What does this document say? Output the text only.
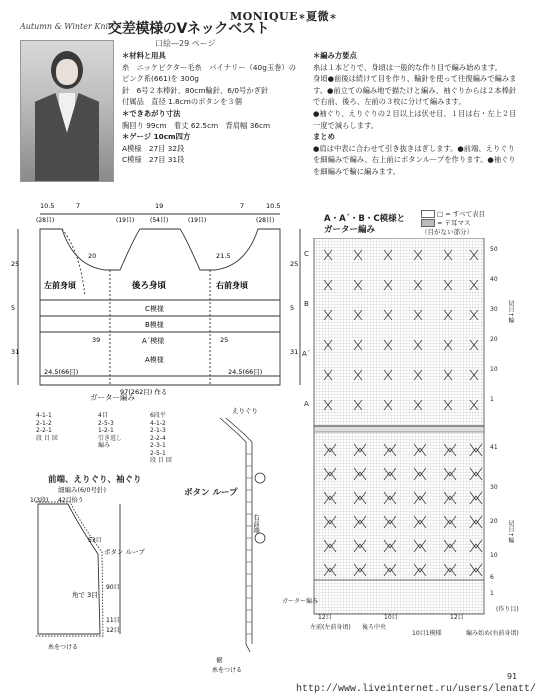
MONIQUE∗夏微∗
Autumn & Winter Knit ···
交差模様のVネックベスト
口絵―29 ページ
＊材料と用具
糸　ニッケビクター毛糸　パイナリー（40g玉巻）のピンク系(661)を 300g
針　6号２本棒針、80cm輪針、6/0号かぎ針
付属品　直径 1.8cmのボタンを３個
＊できあがり寸法
胸回り 99cm　着丈 62.5cm　背肩幅 36cm
＊ゲージ 10cm四方
A模様　27目 32段
C模様　27目 31段
＊編み方要点
糸は１本どりで、身頃は一般的な作り目で編み始めます。
身頃●前後は続けて目を作り、輪針を使って往復編みで編みます。●前立ての編み地で描たけと編み、袖ぐりからは２本棒針で右前、後ろ、左前の３枚に分けて編みます。
●袖ぐり、えりぐりの２目以上は伏せ目、１目は右・左上２目一度で減らします。
まとめ
●肩は中表に合わせて引き抜きはぎします。●前端、えりぐりを細編みで編み、右上前にボタンループを作ります。●袖ぐりを細編みで輪に編みます。
10.5	7	19	7	10.5
(28目)	(19目)	(54目)	(19目)	(28目)
20	21.5
後ろ身頃
左前身頃	右前身頃
C模様
B模様
A´模様
A模様
39	25
24.5(66目)	24.5(66目)
97(262目) 作る
25
5
31
25
5
31
ガーター編み
4-1-1
2-1-2
2-2-1
段 目 回
4目
2-5-3
1-2-1
引き返し
編み
6段平
4-1-2
2-1-3
2-2-4
2-3-1
2-5-1
段 目 回
前端、えりぐり、袖ぐり
細編み(6/0号針)
42目拾う
1(3段)
53目
90目
11目
12目
角で 3目
ボタン ループ
糸をつける
ボタン ループ
えりぐり
右前端
裾
糸をつける
A・A´・B・C模様と
ガーター編み
□ = すべて表目
= 〒耳マス
（目がない部分）
C
B
A´
A
50
40
30
20
10
1
41
30
20
10
6
1
切目↑輪
切目↑輪
(作り目)
ガーター編み
左前(左前身頃) 後ろ中央
10目1模様	編み始め(右前身頃)
12目	10目	12目
91
http://www.liveinternet.ru/users/lenatt/
